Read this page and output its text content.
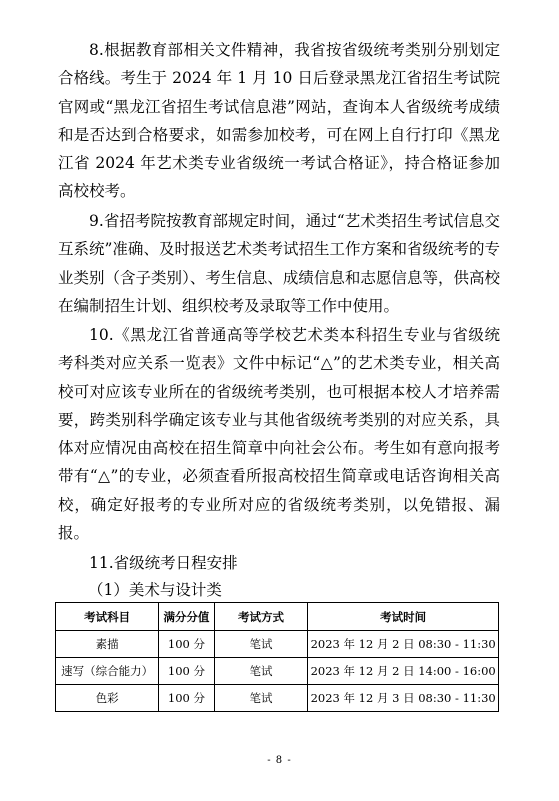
8.根据教育部相关文件精神，我省按省级统考类别分别划定合格线。考生于 2024 年 1 月 10 日后登录黑龙江省招生考试院官网或“黑龙江省招生考试信息港”网站，查询本人省级统考成绩和是否达到合格要求，如需参加校考，可在网上自行打印《黑龙江省 2024 年艺术类专业省级统一考试合格证》，持合格证参加高校校考。

9.省招考院按教育部规定时间，通过“艺术类招生考试信息交互系统”准确、及时报送艺术类考试招生工作方案和省级统考的专业类别（含子类别）、考生信息、成绩信息和志愿信息等，供高校在编制招生计划、组织校考及录取等工作中使用。

10.《黑龙江省普通高等学校艺术类本科招生专业与省级统考科类对应关系一览表》文件中标记“△”的艺术类专业，相关高校可对应该专业所在的省级统考类别，也可根据本校人才培养需要，跨类别科学确定该专业与其他省级统考类别的对应关系，具体对应情况由高校在招生简章中向社会公布。考生如有意向报考带有“△”的专业，必须查看所报高校招生简章或电话咨询相关高校，确定好报考的专业所对应的省级统考类别，以免错报、漏报。

11.省级统考日程安排
（1）美术与设计类
考试科目	满分分值	考试方式	考试时间
素描	100 分	笔试	2023 年 12 月 2 日 08:30 - 11:30
速写（综合能力）	100 分	笔试	2023 年 12 月 2 日 14:00 - 16:00
色彩	100 分	笔试	2023 年 12 月 3 日 08:30 - 11:30
- 8 -
